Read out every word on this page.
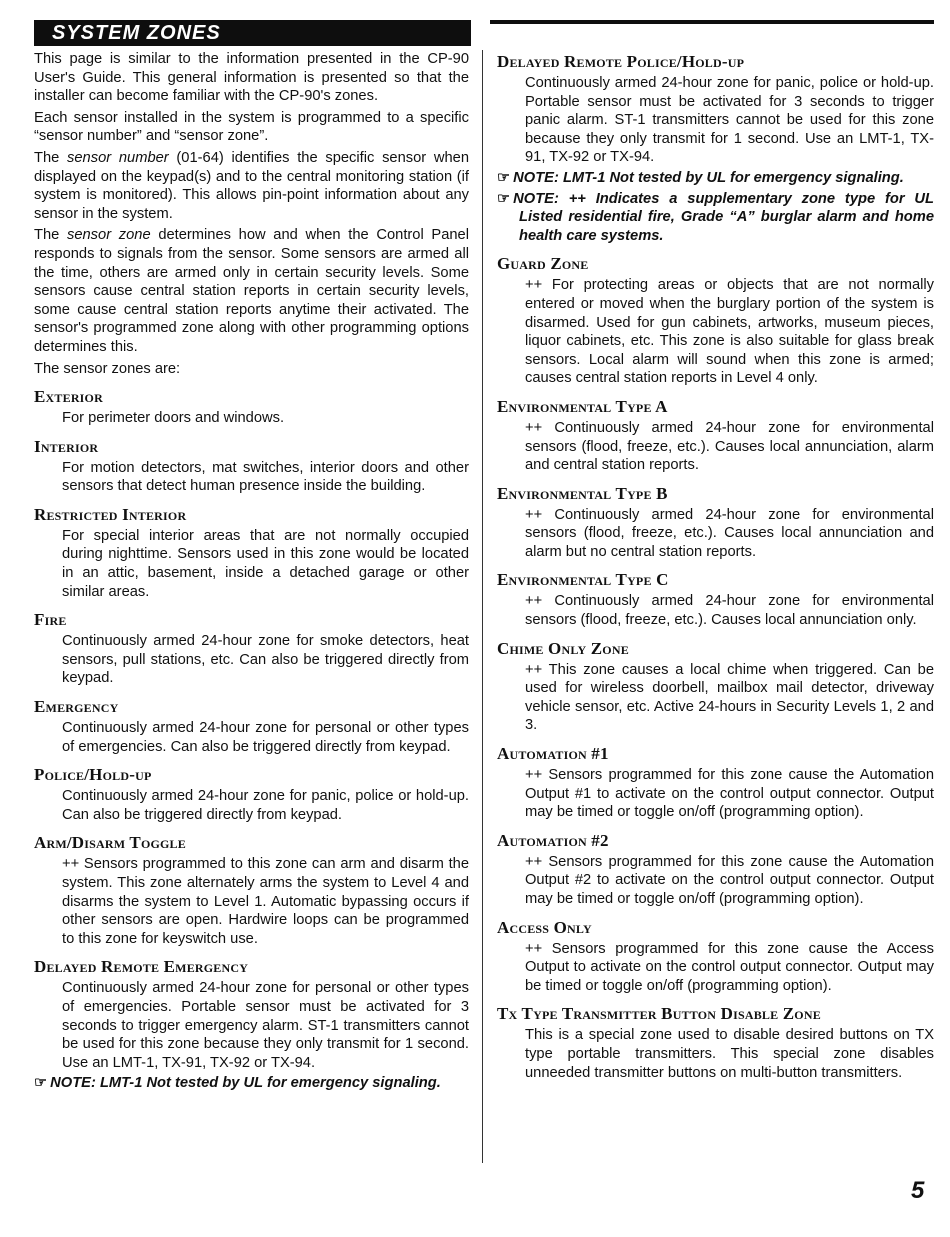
SYSTEM ZONES

This page is similar to the information presented in the CP-90 User's Guide. This general information is presented so that the installer can become familiar with the CP-90's zones.

Each sensor installed in the system is programmed to a specific “sensor number” and “sensor zone”.

The sensor number (01-64) identifies the specific sensor when displayed on the keypad(s) and to the central monitoring station (if system is monitored). This allows pin-point information about any sensor in the system.

The sensor zone determines how and when the Control Panel responds to signals from the sensor. Some sensors are armed all the time, others are armed only in certain security levels. Some sensors cause central station reports in certain security levels, some cause central station reports anytime their activated. The sensor's programmed zone along with other programming options determines this.

The sensor zones are:

Exterior
For perimeter doors and windows.
Interior
For motion detectors, mat switches, interior doors and other sensors that detect human presence inside the building.
Restricted Interior
For special interior areas that are not normally occupied during nighttime. Sensors used in this zone would be located in an attic, basement, inside a detached garage or other similar areas.
Fire
Continuously armed 24-hour zone for smoke detectors, heat sensors, pull stations, etc. Can also be triggered directly from keypad.
Emergency
Continuously armed 24-hour zone for personal or other types of emergencies. Can also be triggered directly from keypad.
Police/Hold-up
Continuously armed 24-hour zone for panic, police or hold-up. Can also be triggered directly from keypad.
Arm/Disarm Toggle
++ Sensors programmed to this zone can arm and disarm the system. This zone alternately arms the system to Level 4 and disarms the system to Level 1. Automatic bypassing occurs if other sensors are open. Hardwire loops can be programmed to this zone for keyswitch use.
Delayed Remote Emergency
Continuously armed 24-hour zone for personal or other types of emergencies. Portable sensor must be activated for 3 seconds to trigger emergency alarm. ST-1 transmitters cannot be used for this zone because they only transmit for 1 second. Use an LMT-1, TX-91, TX-92 or TX-94.
☞ NOTE: LMT-1 Not tested by UL for emergency signaling.
Delayed Remote Police/Hold-up
Continuously armed 24-hour zone for panic, police or hold-up. Portable sensor must be activated for 3 seconds to trigger panic alarm. ST-1 transmitters cannot be used for this zone because they only transmit for 1 second. Use an LMT-1, TX-91, TX-92 or TX-94.
☞ NOTE: LMT-1 Not tested by UL for emergency signaling.
☞ NOTE: ++ Indicates a supplementary zone type for UL Listed residential fire, Grade “A” burglar alarm and home health care systems.
Guard Zone
++ For protecting areas or objects that are not normally entered or moved when the burglary portion of the system is disarmed. Used for gun cabinets, artworks, museum pieces, liquor cabinets, etc. This zone is also suitable for glass break sensors. Local alarm will sound when this zone is armed; causes central station reports in Level 4 only.
Environmental Type A
++ Continuously armed 24-hour zone for environmental sensors (flood, freeze, etc.). Causes local annunciation, alarm and central station reports.
Environmental Type B
++ Continuously armed 24-hour zone for environmental sensors (flood, freeze, etc.). Causes local annunciation and alarm but no central station reports.
Environmental Type C
++ Continuously armed 24-hour zone for environmental sensors (flood, freeze, etc.). Causes local annunciation only.
Chime Only Zone
++ This zone causes a local chime when triggered. Can be used for wireless doorbell, mailbox mail detector, driveway vehicle sensor, etc. Active 24-hours in Security Levels 1, 2 and 3.
Automation #1
++ Sensors programmed for this zone cause the Automation Output #1 to activate on the control output connector. Output may be timed or toggle on/off (programming option).
Automation #2
++ Sensors programmed for this zone cause the Automation Output #2 to activate on the control output connector. Output may be timed or toggle on/off (programming option).
Access Only
++ Sensors programmed for this zone cause the Access Output to activate on the control output connector. Output may be timed or toggle on/off (programming option).
Tx Type Transmitter Button Disable Zone
This is a special zone used to disable desired buttons on TX type portable transmitters. This special zone disables unneeded transmitter buttons on multi-button transmitters.
5
